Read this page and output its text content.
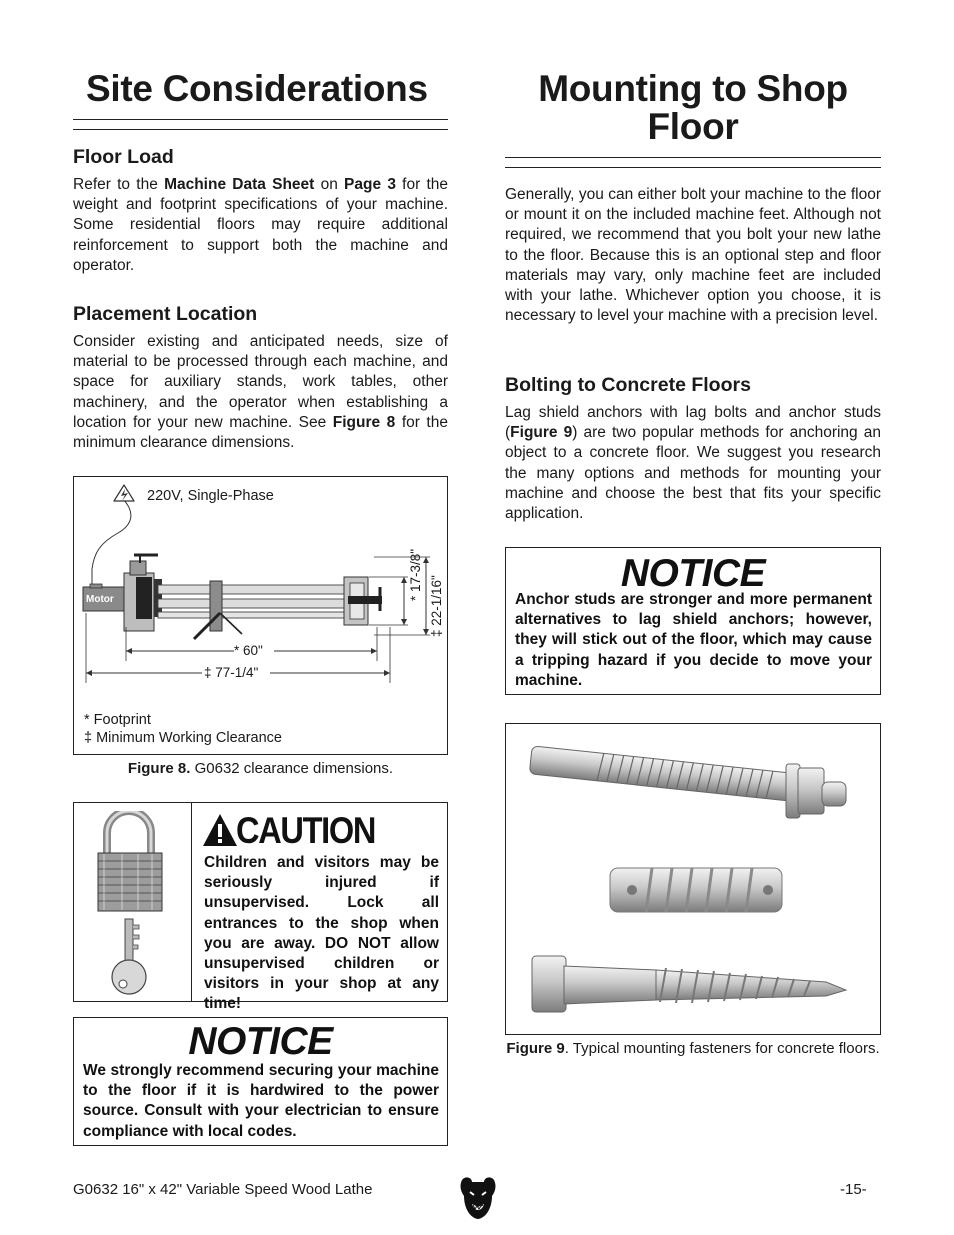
Site Considerations
Floor Load

Refer to the Machine Data Sheet on Page 3 for the weight and footprint specifications of your machine. Some residential floors may require additional reinforcement to support both the machine and operator.

Placement Location

Consider existing and anticipated needs, size of material to be processed through each machine, and space for auxiliary stands, work tables, other machinery, and the operator when establishing a location for your new machine. See Figure 8 for the minimum clearance dimensions.

220V, Single-Phase
Motor
* 60"
‡ 77-1/4"
* 17-3/8"
‡ 22-1/16"
* Footprint
‡ Minimum Working Clearance
Figure 8. G0632 clearance dimensions.
CAUTION
Children and visitors may be seriously injured if unsupervised. Lock all entrances to the shop when you are away. DO NOT allow unsupervised children or visitors in your shop at any time!
NOTICE
We strongly recommend securing your machine to the floor if it is hardwired to the power source. Consult with your electrician to ensure compliance with local codes.
Mounting to Shop
Floor

Generally, you can either bolt your machine to the floor or mount it on the included machine feet. Although not required, we recommend that you bolt your new lathe to the floor. Because this is an optional step and floor materials may vary, only machine feet are included with your lathe. Whichever option you choose, it is necessary to level your machine with a precision level.

Bolting to Concrete Floors

Lag shield anchors with lag bolts and anchor studs (Figure 9) are two popular methods for anchoring an object to a concrete floor. We suggest you research the many options and methods for mounting your machine and choose the best that fits your specific application.

NOTICE
Anchor studs are stronger and more permanent alternatives to lag shield anchors; however, they will stick out of the floor, which may cause a tripping hazard if you decide to move your machine.
Figure 9. Typical mounting fasteners for concrete floors.
G0632 16" x 42" Variable Speed Wood Lathe	-15-
